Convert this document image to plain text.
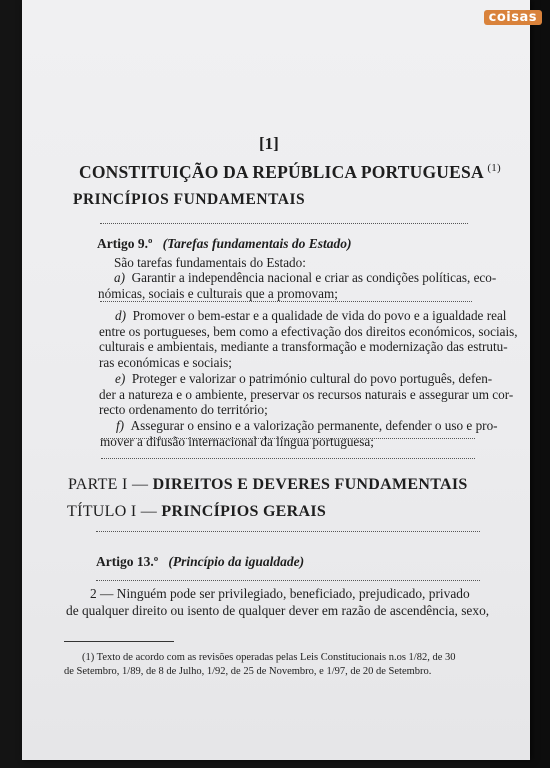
[1]
CONSTITUIÇÃO DA REPÚBLICA PORTUGUESA $^{(1)}$
PRINCÍPIOS FUNDAMENTAIS
Artigo 9.º (Tarefas fundamentais do Estado)
São tarefas fundamentais do Estado:
a) Garantir a independência nacional e criar as condições políticas, eco-
nómicas, sociais e culturais que a promovam;
d) Promover o bem-estar e a qualidade de vida do povo e a igualdade real
entre os portugueses, bem como a efectivação dos direitos económicos, sociais,
culturais e ambientais, mediante a transformação e modernização das estrutu-
ras económicas e sociais;
e) Proteger e valorizar o património cultural do povo português, defen-
der a natureza e o ambiente, preservar os recursos naturais e assegurar um cor-
recto ordenamento do território;
f) Assegurar o ensino e a valorização permanente, defender o uso e pro-
mover a difusão internacional da língua portuguesa;
PARTE I — DIREITOS E DEVERES FUNDAMENTAIS
TÍTULO I — PRINCÍPIOS GERAIS
Artigo 13.º (Princípio da igualdade)
2 — Ninguém pode ser privilegiado, beneficiado, prejudicado, privado
de qualquer direito ou isento de qualquer dever em razão de ascendência, sexo,
(1) Texto de acordo com as revisões operadas pelas Leis Constitucionais n.os 1/82, de 30
de Setembro, 1/89, de 8 de Julho, 1/92, de 25 de Novembro, e 1/97, de 20 de Setembro.
coisas
